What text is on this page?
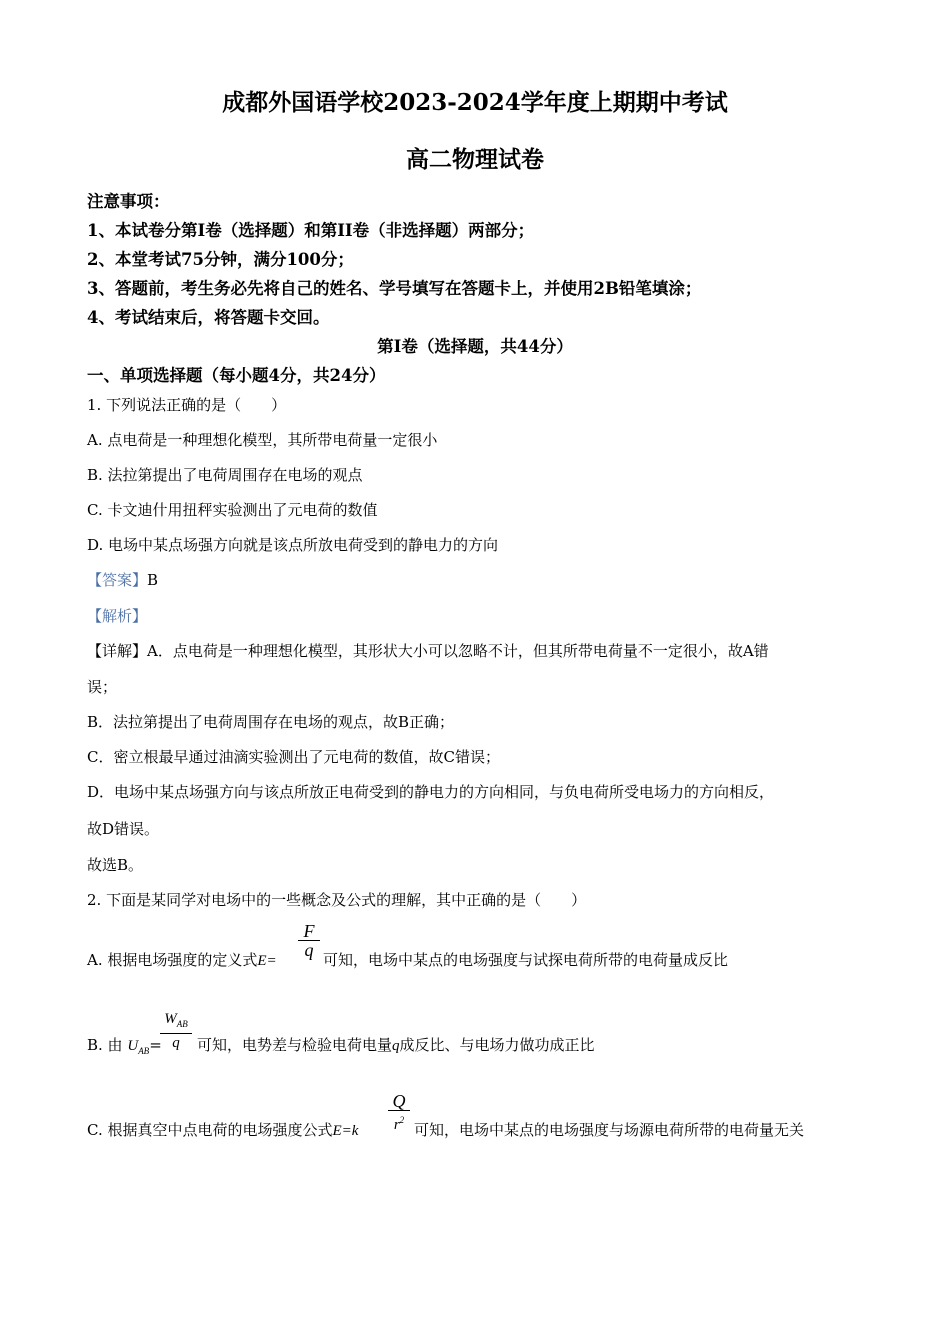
成都外国语学校2023-2024学年度上期期中考试
高二物理试卷
注意事项：
1、本试卷分第I卷（选择题）和第II卷（非选择题）两部分；
2、本堂考试75分钟，满分100分；
3、答题前，考生务必先将自己的姓名、学号填写在答题卡上，并使用2B铅笔填涂；
4、考试结束后，将答题卡交回。
第I卷（选择题，共44分）
一、单项选择题（每小题4分，共24分）
1. 下列说法正确的是（　　）
A. 点电荷是一种理想化模型，其所带电荷量一定很小
B. 法拉第提出了电荷周围存在电场的观点
C. 卡文迪什用扭秤实验测出了元电荷的数值
D. 电场中某点场强方向就是该点所放电荷受到的静电力的方向
【答案】B
【解析】
【详解】A．点电荷是一种理想化模型，其形状大小可以忽略不计，但其所带电荷量不一定很小，故A错
误；
B．法拉第提出了电荷周围存在电场的观点，故B正确；
C．密立根最早通过油滴实验测出了元电荷的数值，故C错误；
D．电场中某点场强方向与该点所放正电荷受到的静电力的方向相同，与负电荷所受电场力的方向相反，
故D错误。
故选B。
2. 下面是某同学对电场中的一些概念及公式的理解，其中正确的是（　　）
A. 根据电场强度的定义式E=
F
q 可知，电场中某点的电场强度与试探电荷所带的电荷量成反比
B. 由 $U_{AB}=$
$W_{AB}$
q 可知，电势差与检验电荷电量q成反比、与电场力做功成正比
C. 根据真空中点电荷的电场强度公式E=k
Q
$r^2$
可知，电场中某点的电场强度与场源电荷所带的电荷量无关
